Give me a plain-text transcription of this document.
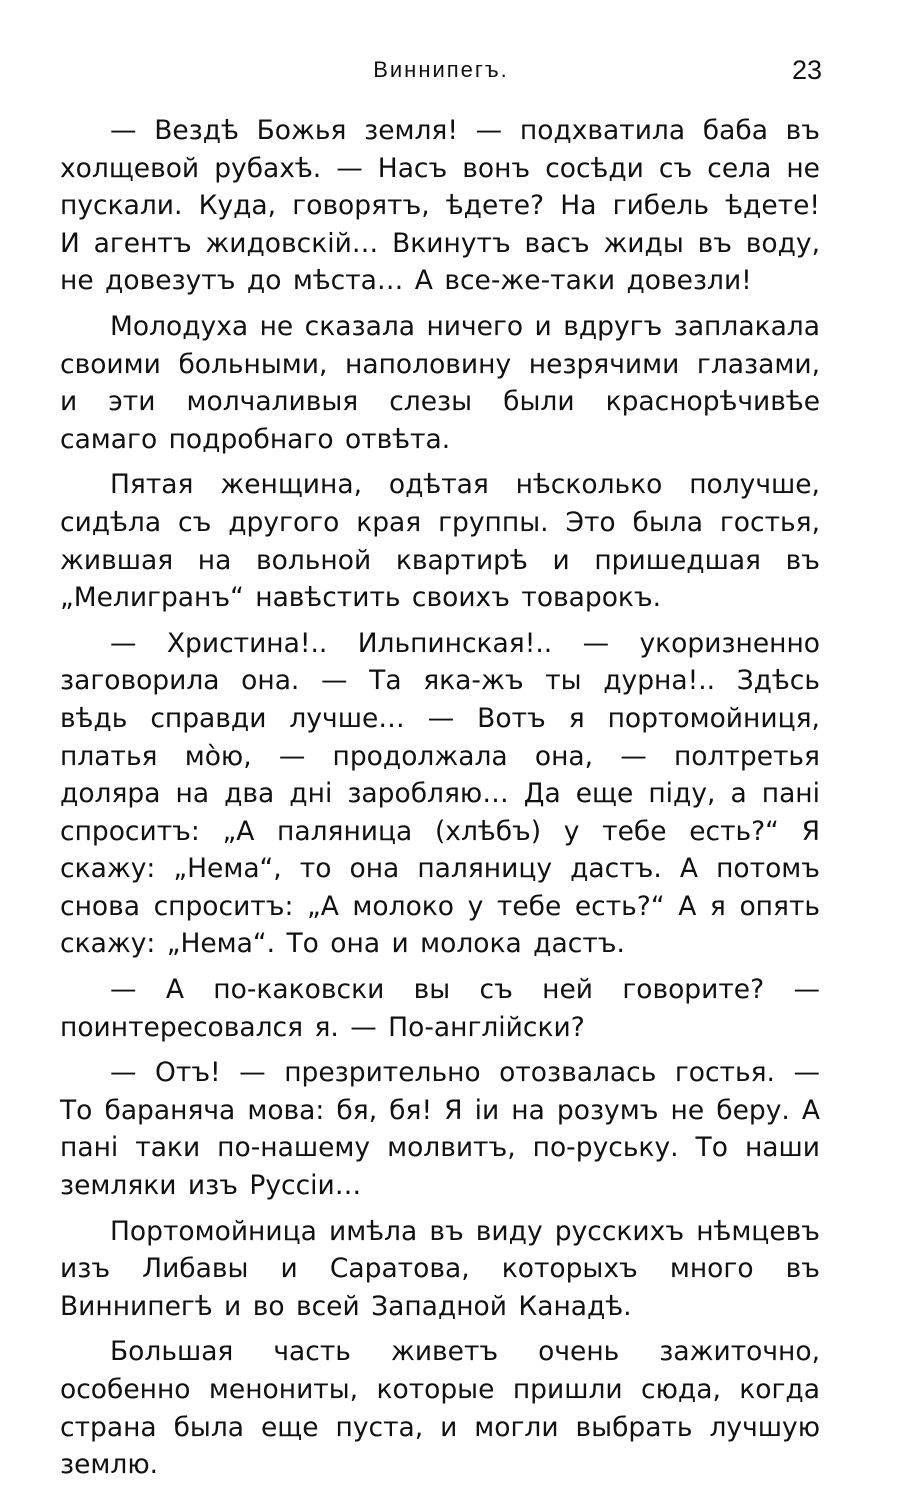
Виннипегъ.	23

— Вездѣ Божья земля! — подхватила баба въ холщевой рубахѣ. — Насъ вонъ сосѣди съ села не пускали. Куда, говорятъ, ѣдете? На гибель ѣдете! И агентъ жидовскій… Вкинутъ васъ жиды въ воду, не довезутъ до мѣста… А все-же-таки довезли!

Молодуха не сказала ничего и вдругъ заплакала своими больными, наполовину незрячими глазами, и эти молчаливыя слезы были краснорѣчивѣе самаго подробнаго отвѣта.

Пятая женщина, одѣтая нѣсколько получше, сидѣла съ другого края группы. Это была гостья, жившая на вольной квартирѣ и пришедшая въ „Мелигранъ“ навѣстить своихъ товарокъ.

— Христина!.. Ильпинская!.. — укоризненно заговорила она. — Та яка-жъ ты дурна!.. Здѣсь вѣдь справди лучше… — Вотъ я портомойниця, платья мòю, — продолжала она, — полтретья доляра на два днi заробляю… Да еще пiду, а панi спроситъ: „А паляница (хлѣбъ) у тебе есть?“ Я скажу: „Нема“, то она паляницу дастъ. А потомъ снова спроситъ: „А молоко у тебе есть?“ А я опять скажу: „Нема“. То она и молока дастъ.

— А по-каковски вы съ ней говорите? — поинтересовался я. — По-англiйски?

— Отъ! — презрительно отозвалась гостья. — То бараняча мова: бя, бя! Я iи на розумъ не беру. А панi таки по-нашему молвитъ, по-руську. То наши земляки изъ Руссiи…

Портомойница имѣла въ виду русскихъ нѣмцевъ изъ Либавы и Саратова, которыхъ много въ Виннипегѣ и во всей Западной Канадѣ.

Большая часть живетъ очень зажиточно, особенно менониты, которые пришли сюда, когда страна была еще пуста, и могли выбрать лучшую землю.
